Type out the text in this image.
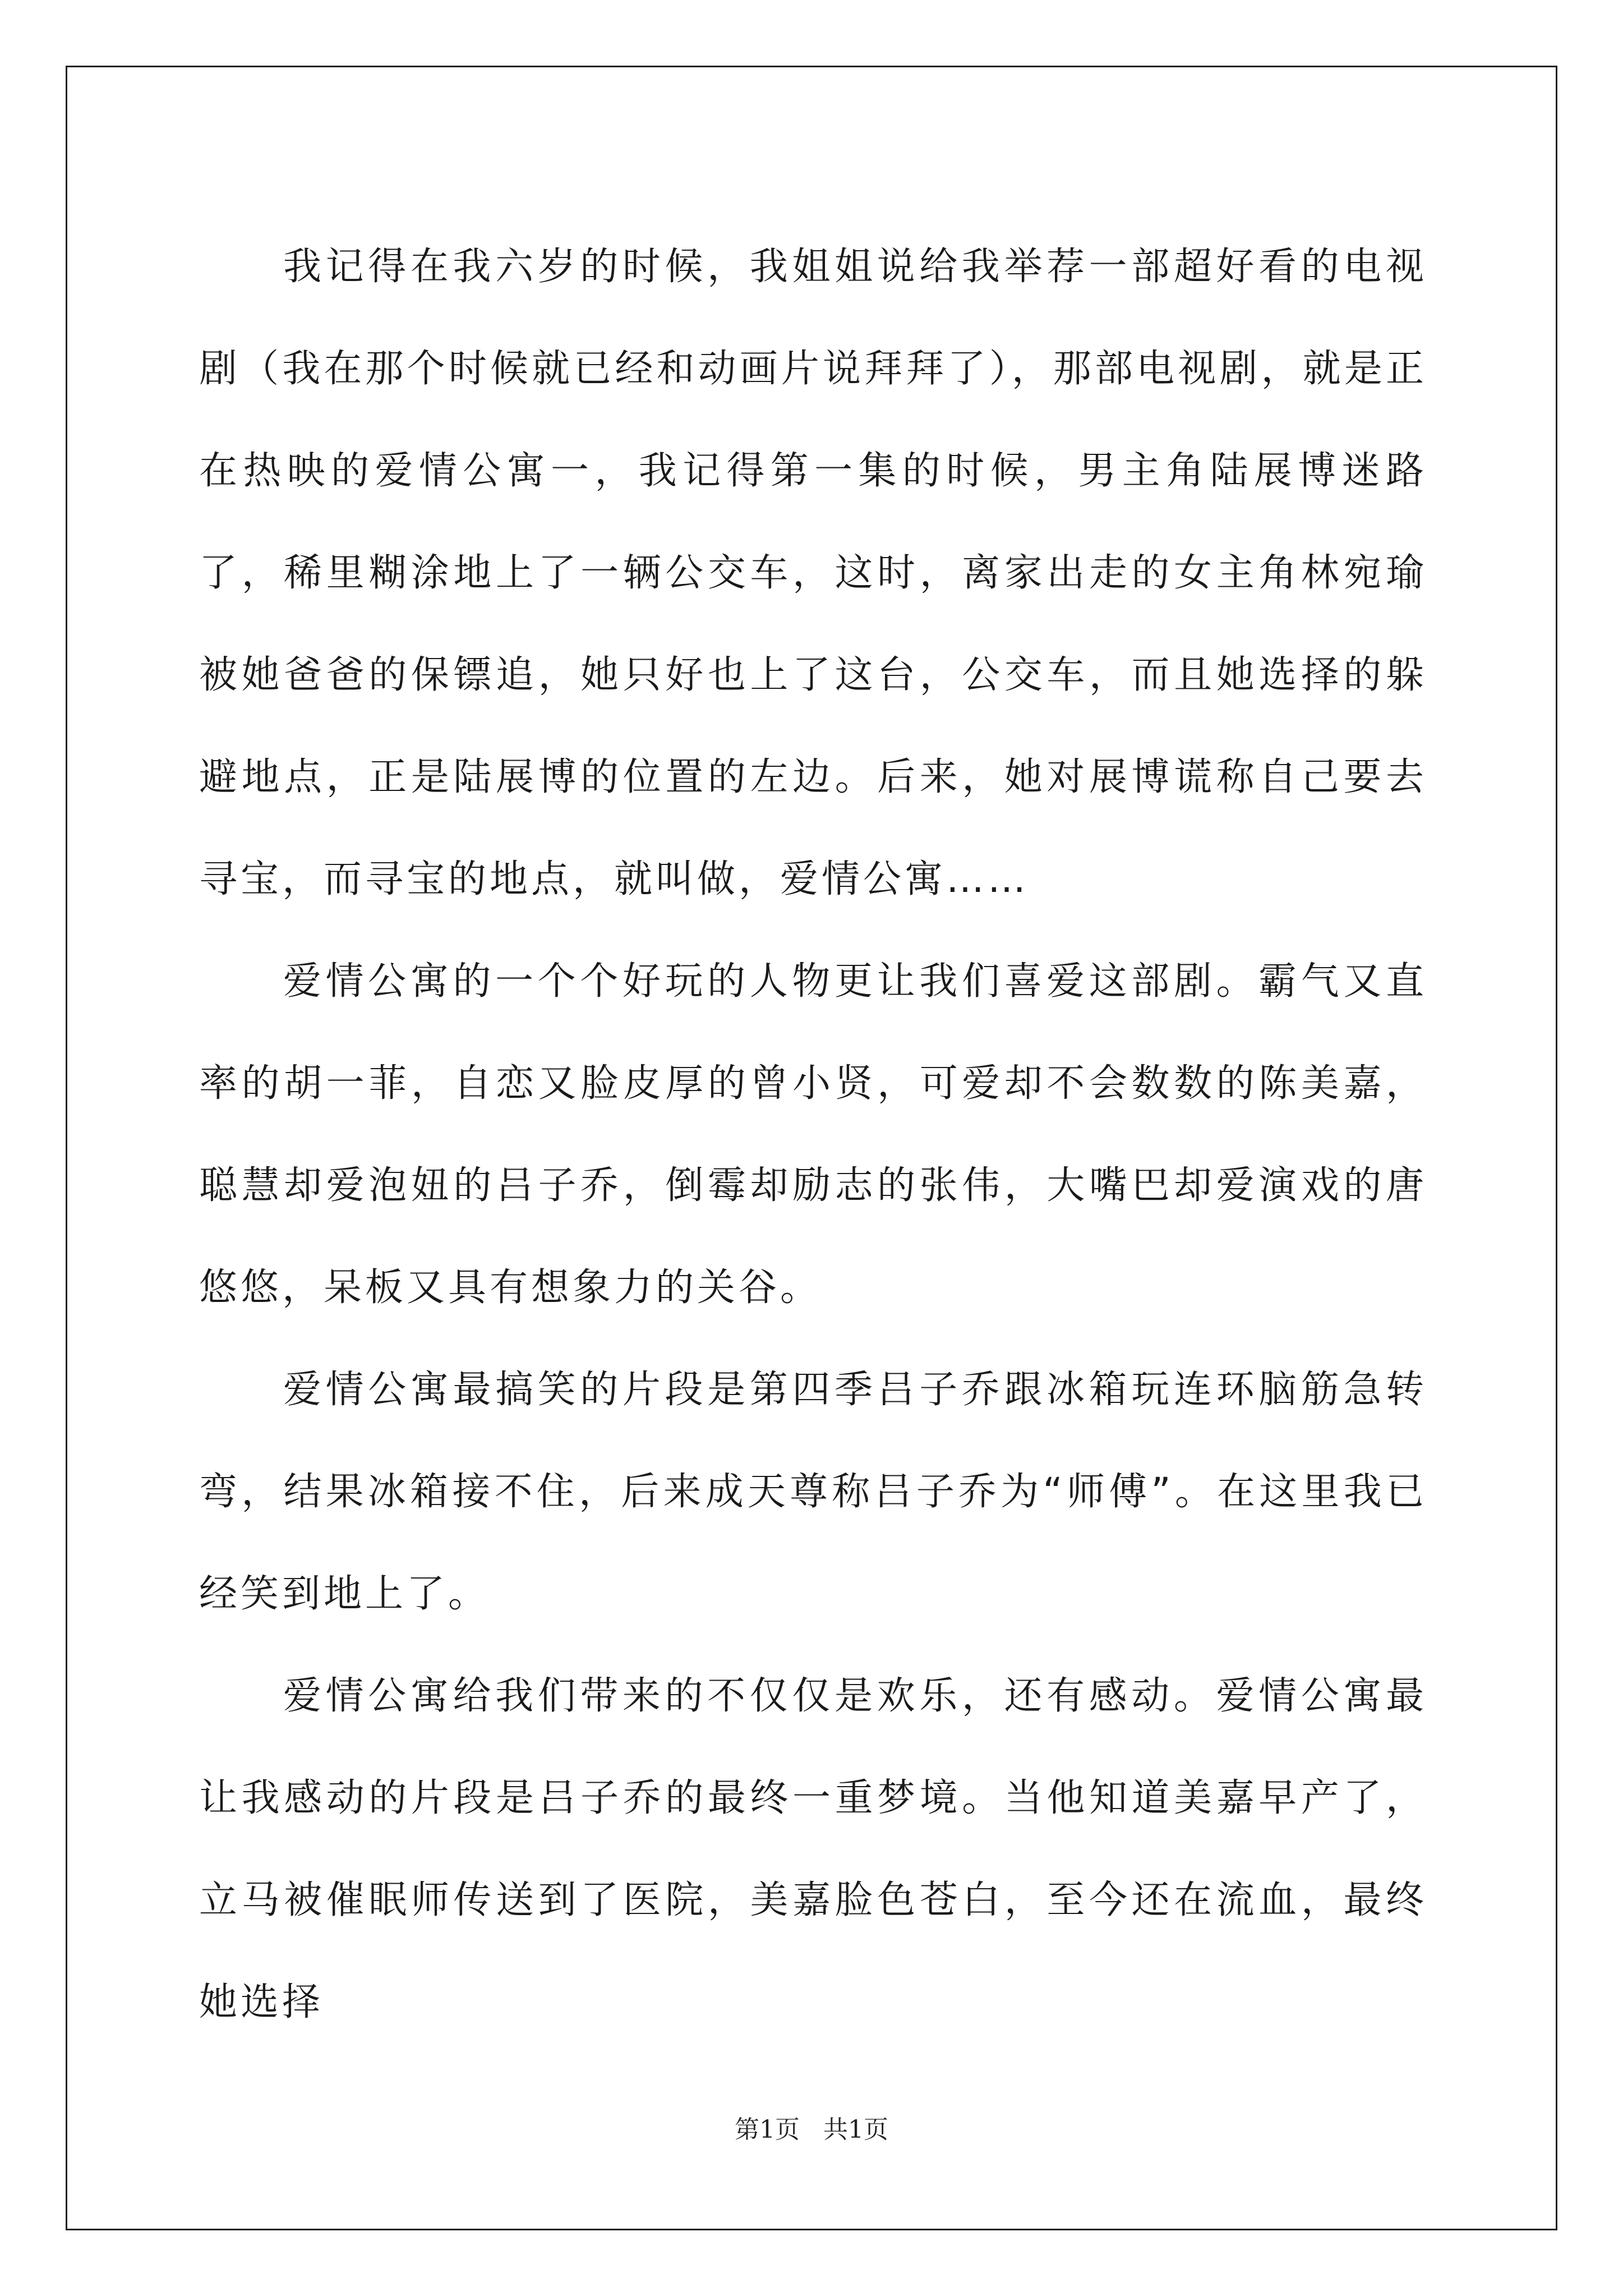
我记得在我六岁的时候，我姐姐说给我举荐一部超好看的电视剧（我在那个时候就已经和动画片说拜拜了），那部电视剧，就是正在热映的爱情公寓一，我记得第一集的时候，男主角陆展博迷路了，稀里糊涂地上了一辆公交车，这时，离家出走的女主角林宛瑜被她爸爸的保镖追，她只好也上了这台，公交车，而且她选择的躲避地点，正是陆展博的位置的左边。后来，她对展博谎称自己要去寻宝，而寻宝的地点，就叫做，爱情公寓……

爱情公寓的一个个好玩的人物更让我们喜爱这部剧。霸气又直率的胡一菲，自恋又脸皮厚的曾小贤，可爱却不会数数的陈美嘉，聪慧却爱泡妞的吕子乔，倒霉却励志的张伟，大嘴巴却爱演戏的唐悠悠，呆板又具有想象力的关谷。

爱情公寓最搞笑的片段是第四季吕子乔跟冰箱玩连环脑筋急转弯，结果冰箱接不住，后来成天尊称吕子乔为“师傅”。在这里我已经笑到地上了。

爱情公寓给我们带来的不仅仅是欢乐，还有感动。爱情公寓最让我感动的片段是吕子乔的最终一重梦境。当他知道美嘉早产了，立马被催眠师传送到了医院，美嘉脸色苍白，至今还在流血，最终她选择

第1页 共1页
